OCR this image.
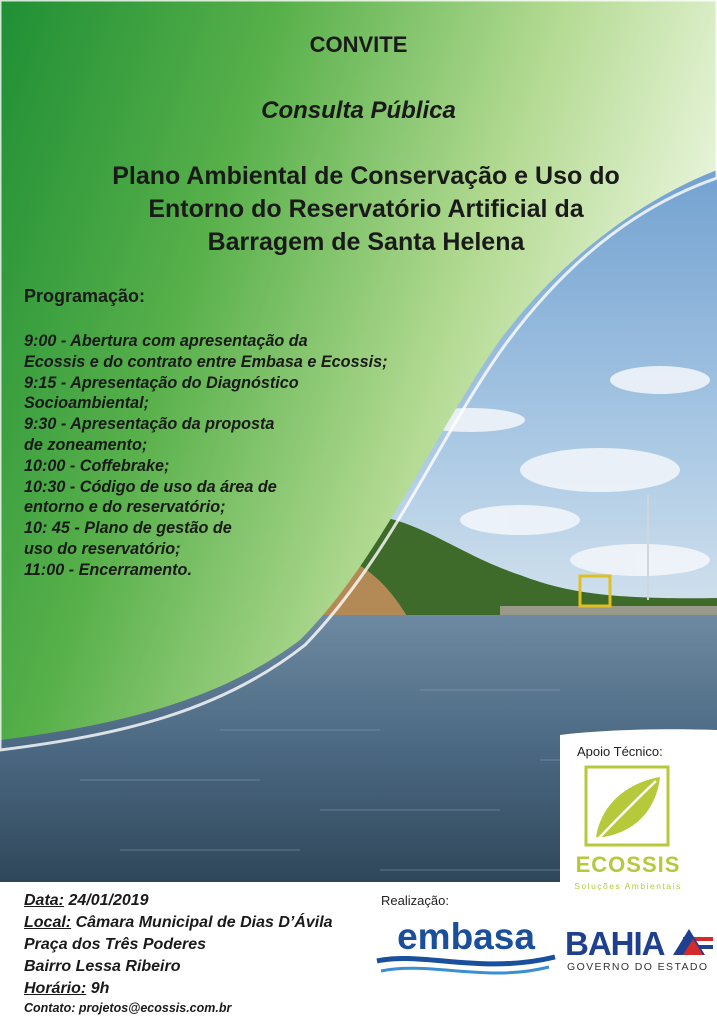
CONVITE
Consulta Pública
Plano Ambiental de Conservação e Uso do
Entorno do Reservatório Artificial da
Barragem de Santa Helena
Programação:
9:00 - Abertura com apresentação da
Ecossis e do contrato entre Embasa e Ecossis;
9:15 - Apresentação do Diagnóstico
Socioambiental;
9:30 - Apresentação da proposta
de zoneamento;
10:00 - Coffebrake;
10:30 - Código de uso da área de
entorno e do reservatório;
10: 45 - Plano de gestão de
uso do reservatório;
11:00 - Encerramento.
Apoio Técnico:
ECOSSIS
Soluções Ambientais
Data: 24/01/2019
Local: Câmara Municipal de Dias D’Ávila
Praça dos Três Poderes
Bairro Lessa Ribeiro
Horário: 9h
Contato: projetos@ecossis.com.br
Realização:
embasa BAHIA
GOVERNO DO ESTADO
